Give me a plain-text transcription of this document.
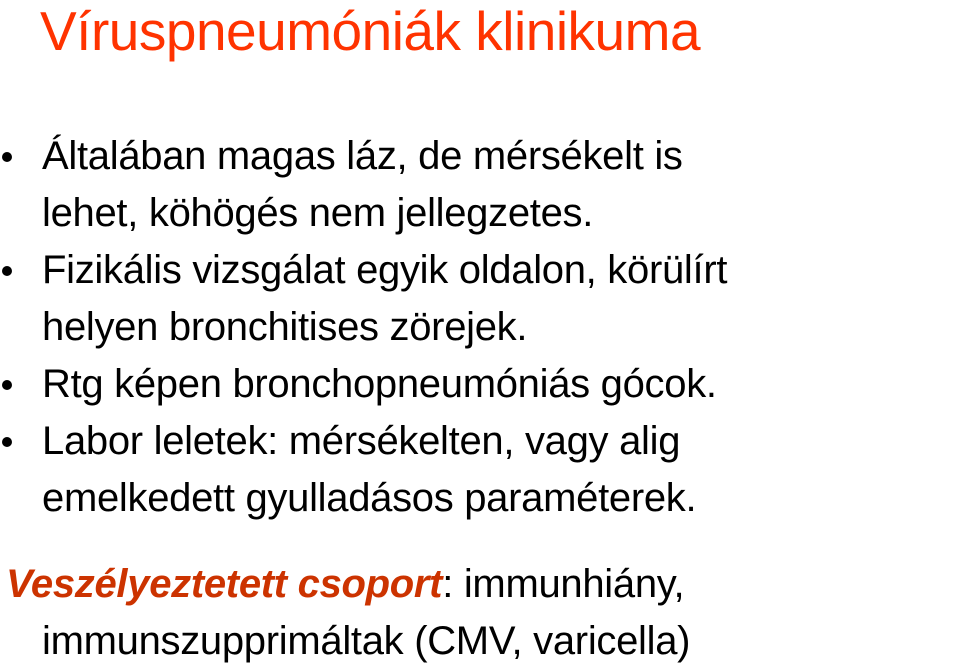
Víruspneumóniák klinikuma
Általában magas láz, de mérsékelt is
lehet, köhögés nem jellegzetes.
Fizikális vizsgálat egyik oldalon, körülírt
helyen bronchitises zörejek.
Rtg képen bronchopneumóniás gócok.
Labor leletek: mérsékelten, vagy alig
emelkedett gyulladásos paraméterek.
Veszélyeztetett csoport: immunhiány,
immunszupprimáltak (CMV, varicella)
